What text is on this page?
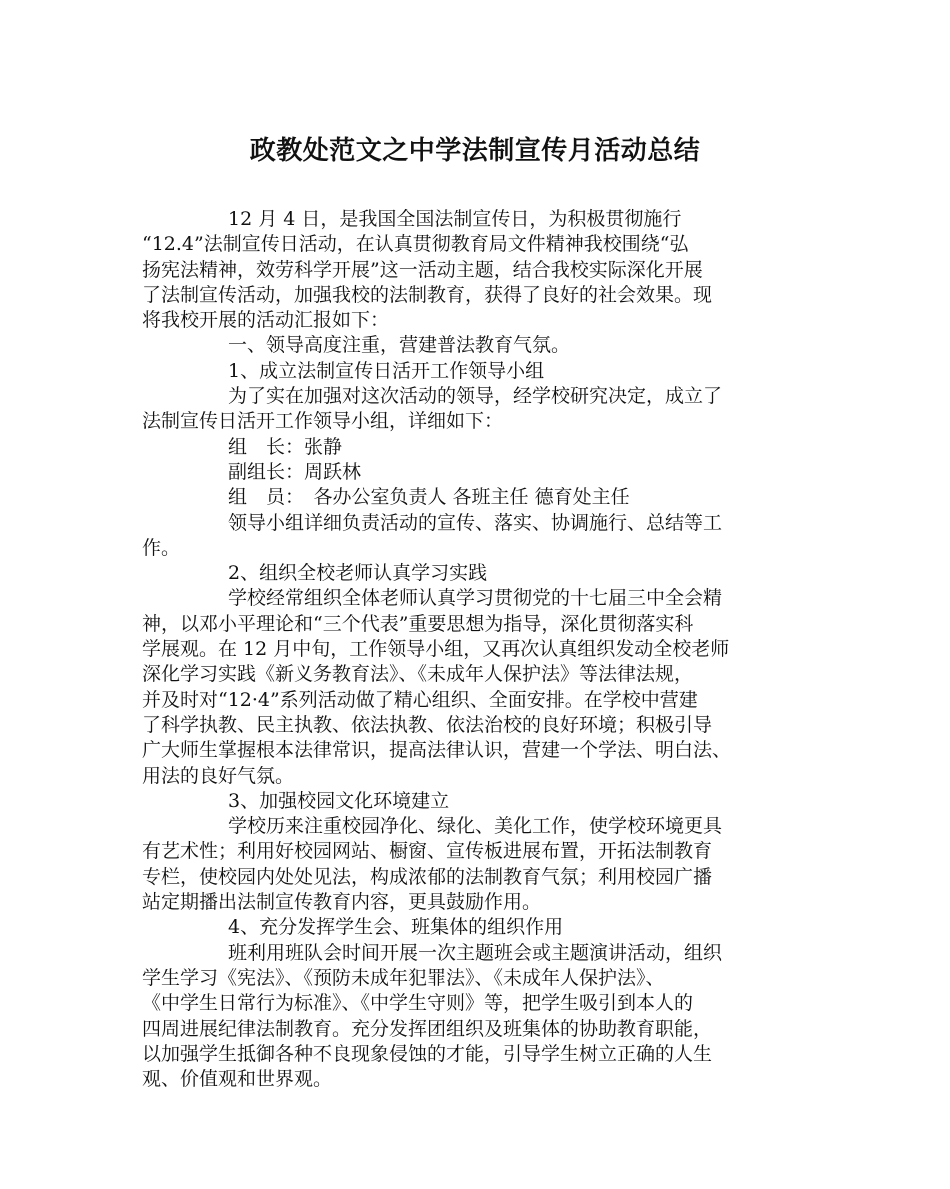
政教处范文之中学法制宣传月活动总结
12 月 4 日，是我国全国法制宣传日，为积极贯彻施行
“12.4”法制宣传日活动，在认真贯彻教育局文件精神我校围绕“弘
扬宪法精神，效劳科学开展”这一活动主题，结合我校实际深化开展
了法制宣传活动，加强我校的法制教育，获得了良好的社会效果。现
将我校开展的活动汇报如下：
一、领导高度注重，营建普法教育气氛。
1、成立法制宣传日活开工作领导小组
为了实在加强对这次活动的领导，经学校研究决定，成立了
法制宣传日活开工作领导小组，详细如下：
组　长：张静
副组长：周跃林
组　员：　各办公室负责人 各班主任 德育处主任
领导小组详细负责活动的宣传、落实、协调施行、总结等工
作。
2、组织全校老师认真学习实践
学校经常组织全体老师认真学习贯彻党的十七届三中全会精
神，以邓小平理论和“三个代表”重要思想为指导，深化贯彻落实科
学展观。在 12 月中旬，工作领导小组，又再次认真组织发动全校老师
深化学习实践《新义务教育法》、《未成年人保护法》等法律法规，
并及时对“12·4”系列活动做了精心组织、全面安排。在学校中营建
了科学执教、民主执教、依法执教、依法治校的良好环境；积极引导
广大师生掌握根本法律常识，提高法律认识，营建一个学法、明白法、
用法的良好气氛。
3、加强校园文化环境建立
学校历来注重校园净化、绿化、美化工作，使学校环境更具
有艺术性；利用好校园网站、橱窗、宣传板进展布置，开拓法制教育
专栏，使校园内处处见法，构成浓郁的法制教育气氛；利用校园广播
站定期播出法制宣传教育内容，更具鼓励作用。
4、充分发挥学生会、班集体的组织作用
班利用班队会时间开展一次主题班会或主题演讲活动，组织
学生学习《宪法》、《预防未成年犯罪法》、《未成年人保护法》、
《中学生日常行为标准》、《中学生守则》等，把学生吸引到本人的
四周进展纪律法制教育。充分发挥团组织及班集体的协助教育职能，
以加强学生抵御各种不良现象侵蚀的才能，引导学生树立正确的人生
观、价值观和世界观。
